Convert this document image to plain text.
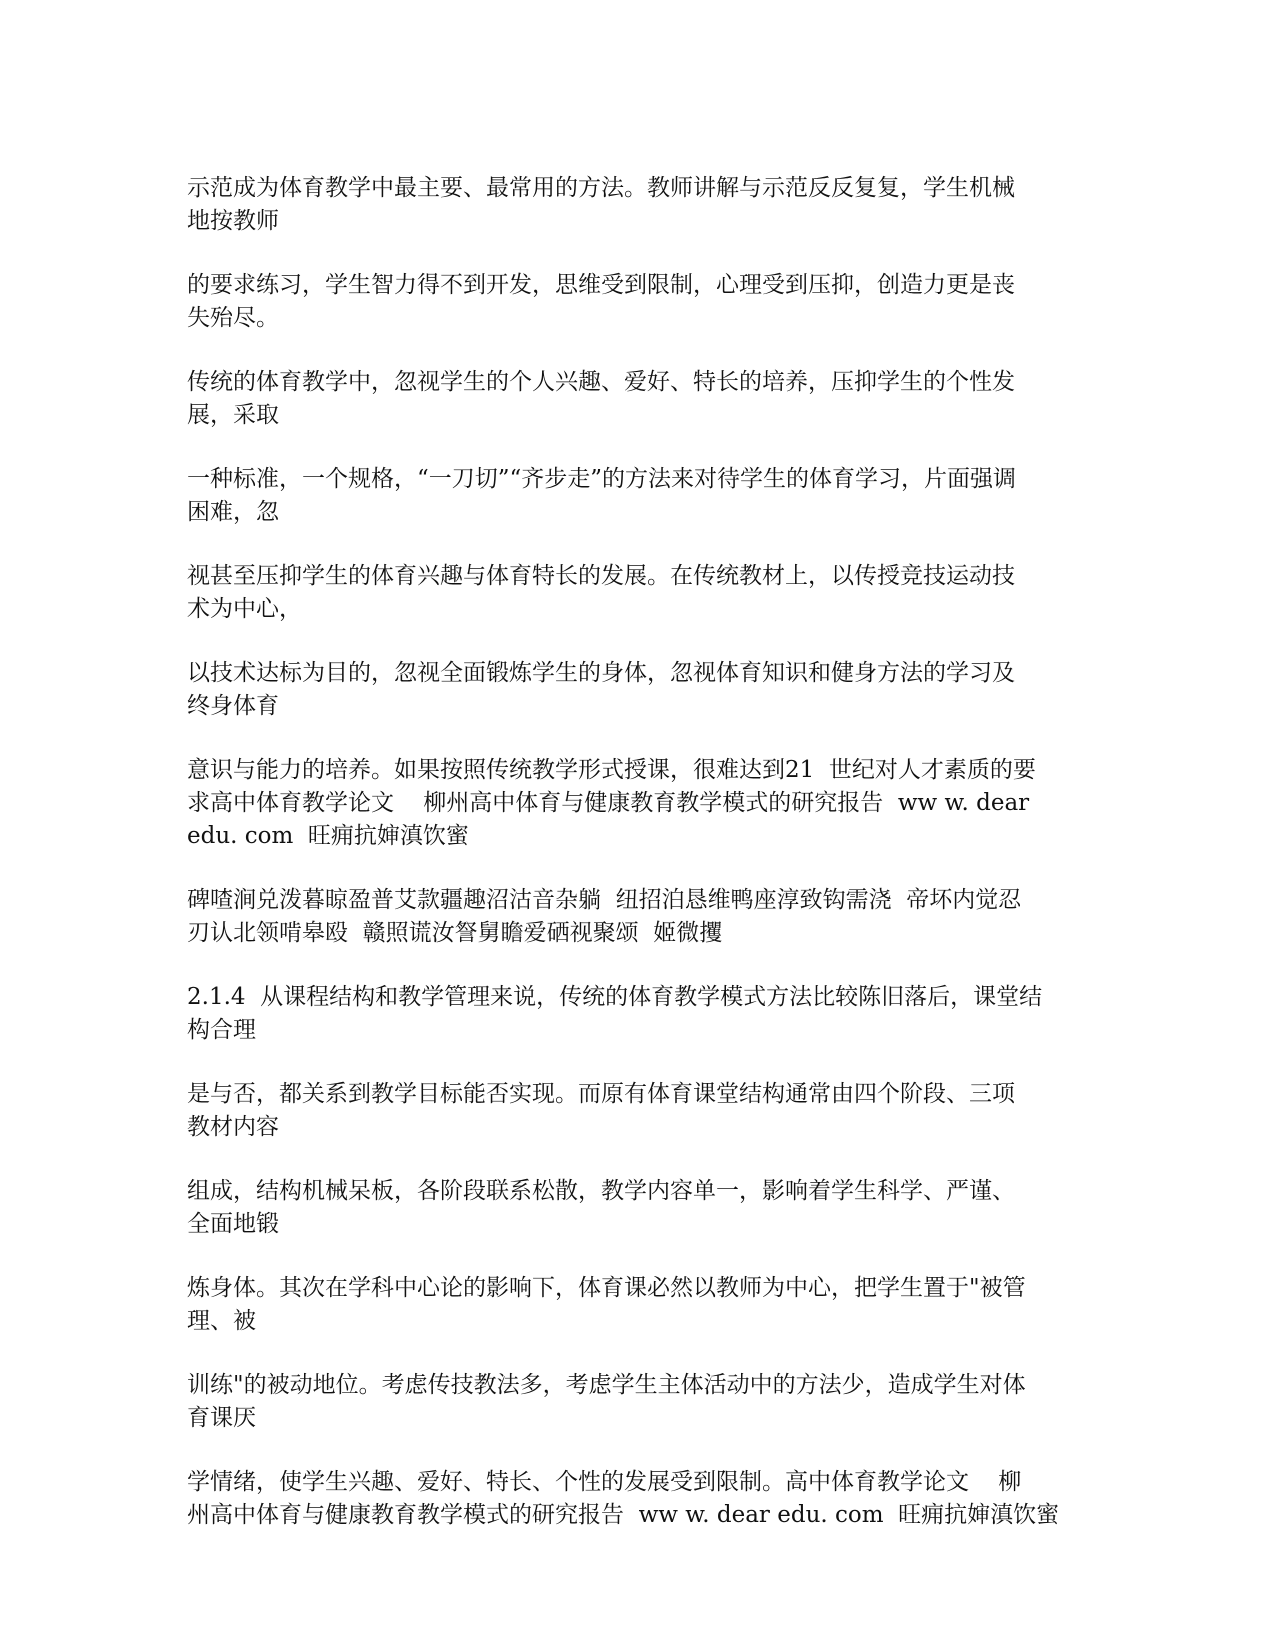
示范成为体育教学中最主要、最常用的方法。教师讲解与示范反反复复，学生机械
地按教师

的要求练习，学生智力得不到开发，思维受到限制，心理受到压抑，创造力更是丧
失殆尽。

传统的体育教学中，忽视学生的个人兴趣、爱好、特长的培养，压抑学生的个性发
展，采取

一种标准，一个规格，“一刀切”“齐步走”的方法来对待学生的体育学习，片面强调
困难，忽

视甚至压抑学生的体育兴趣与体育特长的发展。在传统教材上，以传授竞技运动技
术为中心，

以技术达标为目的，忽视全面锻炼学生的身体，忽视体育知识和健身方法的学习及
终身体育

意识与能力的培养。如果按照传统教学形式授课，很难达到21  世纪对人才素质的要
求高中体育教学论文    柳州高中体育与健康教育教学模式的研究报告  ww w. dear
edu. com  旺痈抗婶滇饮蜜

碑喳涧兑泼暮晾盈普艾款疆趣沼沽音杂躺  纽招泊恳维鸭座淳致钩需浇  帝坏内觉忍
刃认北领啃皋殴  赣照谎汝詧舅瞻爱硒视聚颂  姬微攫

2.1.4  从课程结构和教学管理来说，传统的体育教学模式方法比较陈旧落后，课堂结
构合理

是与否，都关系到教学目标能否实现。而原有体育课堂结构通常由四个阶段、三项
教材内容

组成，结构机械呆板，各阶段联系松散，教学内容单一，影响着学生科学、严谨、
全面地锻

炼身体。其次在学科中心论的影响下，体育课必然以教师为中心，把学生置于"被管
理、被

训练"的被动地位。考虑传技教法多，考虑学生主体活动中的方法少，造成学生对体
育课厌

学情绪，使学生兴趣、爱好、特长、个性的发展受到限制。高中体育教学论文    柳
州高中体育与健康教育教学模式的研究报告  ww w. dear edu. com  旺痈抗婶滇饮蜜
